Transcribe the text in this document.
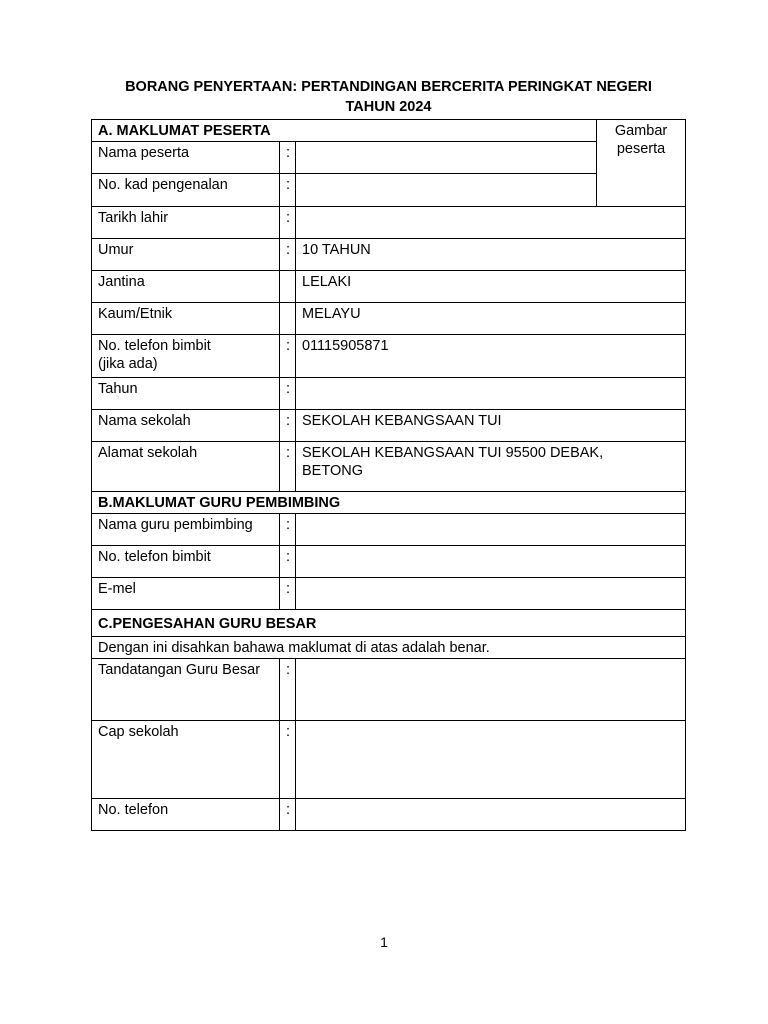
BORANG PENYERTAAN: PERTANDINGAN BERCERITA PERINGKAT NEGERI
TAHUN 2024
A. MAKLUMAT PESERTA			Gambar
peserta

Nama peserta	:		
No. kad pengenalan	:		
Tarikh lahir	:		
Umur	:	10 TAHUN	
Jantina		LELAKI	
Kaum/Etnik		MELAYU	

No. telefon bimbit
(jika ada)	:	01115905871	
Tahun	:		
Nama sekolah	:	SEKOLAH KEBANGSAAN TUI	
Alamat sekolah	:	SEKOLAH KEBANGSAAN TUI 95500 DEBAK,
BETONG	

B.MAKLUMAT GURU PEMBIMBING			
Nama guru pembimbing	:		
No. telefon bimbit	:		
E-mel	:		
C.PENGESAHAN GURU BESAR			
Dengan ini disahkan bahawa maklumat di atas adalah benar.			
Tandatangan Guru Besar	:		
Cap sekolah	:		
No. telefon	:		
1
